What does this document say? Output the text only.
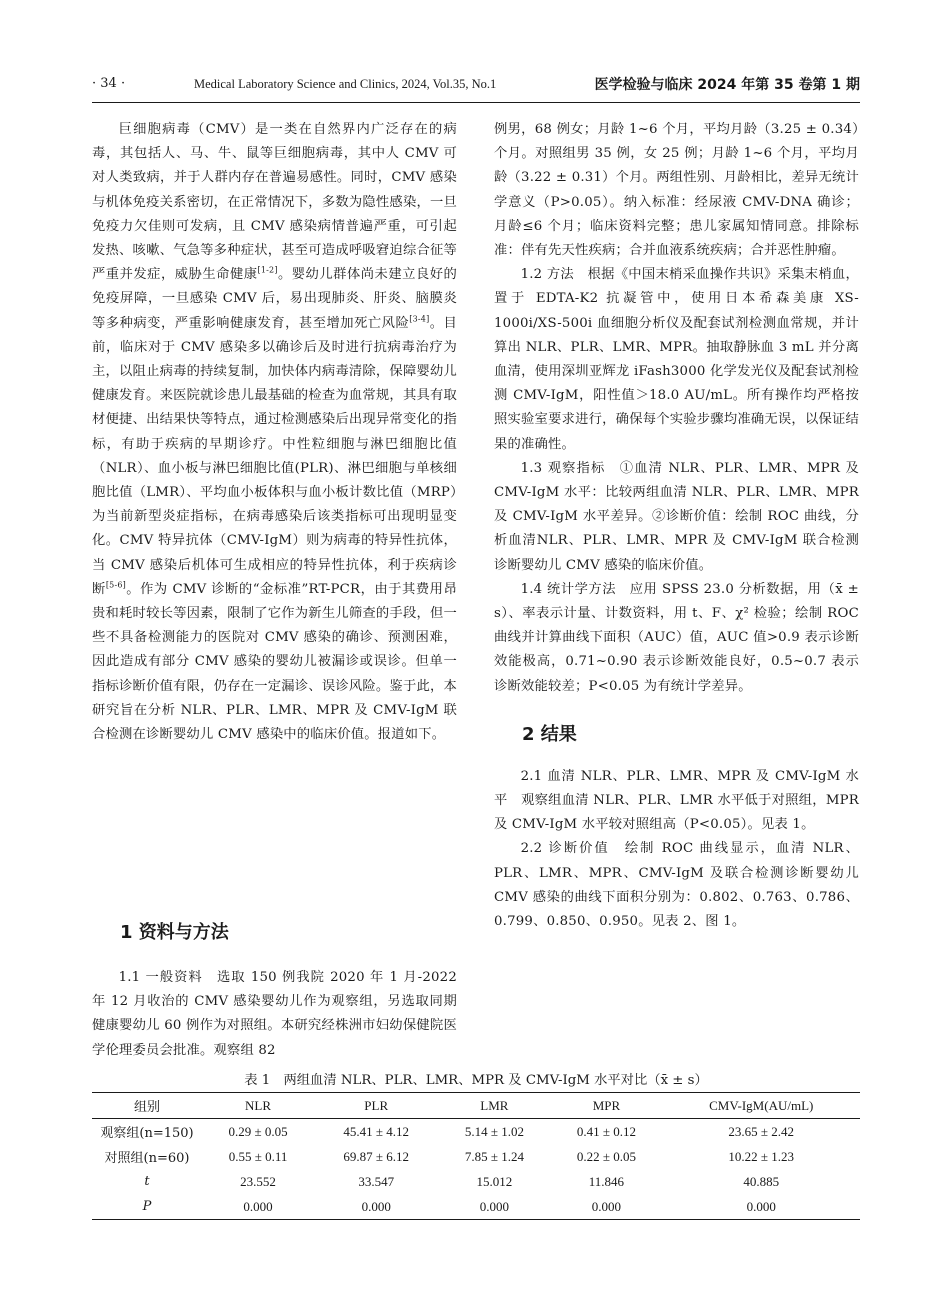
· 34 ·	Medical Laboratory Science and Clinics, 2024, Vol.35, No.1	医学检验与临床 2024 年第 35 卷第 1 期

巨细胞病毒（CMV）是一类在自然界内广泛存在的病毒，其包括人、马、牛、鼠等巨细胞病毒，其中人 CMV 可对人类致病，并于人群内存在普遍易感性。同时，CMV 感染与机体免疫关系密切，在正常情况下，多数为隐性感染，一旦免疫力欠佳则可发病，且 CMV 感染病情普遍严重，可引起发热、咳嗽、气急等多种症状，甚至可造成呼吸窘迫综合征等严重并发症，威胁生命健康[1-2]。婴幼儿群体尚未建立良好的免疫屏障，一旦感染 CMV 后，易出现肺炎、肝炎、脑膜炎等多种病变，严重影响健康发育，甚至增加死亡风险[3-4]。目前，临床对于 CMV 感染多以确诊后及时进行抗病毒治疗为主，以阻止病毒的持续复制，加快体内病毒清除，保障婴幼儿健康发育。来医院就诊患儿最基础的检查为血常规，其具有取材便捷、出结果快等特点，通过检测感染后出现异常变化的指标，有助于疾病的早期诊疗。中性粒细胞与淋巴细胞比值（NLR）、血小板与淋巴细胞比值(PLR)、淋巴细胞与单核细胞比值（LMR）、平均血小板体积与血小板计数比值（MRP）为当前新型炎症指标，在病毒感染后该类指标可出现明显变化。CMV 特异抗体（CMV-IgM）则为病毒的特异性抗体，当 CMV 感染后机体可生成相应的特异性抗体，利于疾病诊断[5-6]。作为 CMV 诊断的“金标准”RT-PCR，由于其费用昂贵和耗时较长等因素，限制了它作为新生儿筛查的手段，但一些不具备检测能力的医院对 CMV 感染的确诊、预测困难，因此造成有部分 CMV 感染的婴幼儿被漏诊或误诊。但单一指标诊断价值有限，仍存在一定漏诊、误诊风险。鉴于此，本研究旨在分析 NLR、PLR、LMR、MPR 及 CMV-IgM 联合检测在诊断婴幼儿 CMV 感染中的临床价值。报道如下。

1 资料与方法

1.1 一般资料　选取 150 例我院 2020 年 1 月-2022 年 12 月收治的 CMV 感染婴幼儿作为观察组，另选取同期健康婴幼儿 60 例作为对照组。本研究经株洲市妇幼保健院医学伦理委员会批准。观察组 82

例男，68 例女；月龄 1~6 个月，平均月龄（3.25 ± 0.34）个月。对照组男 35 例，女 25 例；月龄 1~6 个月，平均月龄（3.22 ± 0.31）个月。两组性别、月龄相比，差异无统计学意义（P>0.05）。纳入标准：经尿液 CMV-DNA 确诊；月龄≤6 个月；临床资料完整；患儿家属知情同意。排除标准：伴有先天性疾病；合并血液系统疾病；合并恶性肿瘤。

1.2 方法　根据《中国末梢采血操作共识》采集末梢血，置于 EDTA-K2 抗凝管中，使用日本希森美康 XS-1000i/XS-500i 血细胞分析仪及配套试剂检测血常规，并计算出 NLR、PLR、LMR、MPR。抽取静脉血 3 mL 并分离血清，使用深圳亚辉龙 iFash3000 化学发光仪及配套试剂检测 CMV-IgM，阳性值＞18.0 AU/mL。所有操作均严格按照实验室要求进行，确保每个实验步骤均准确无误，以保证结果的准确性。

1.3 观察指标　①血清 NLR、PLR、LMR、MPR 及 CMV-IgM 水平：比较两组血清 NLR、PLR、LMR、MPR 及 CMV-IgM 水平差异。②诊断价值：绘制 ROC 曲线，分析血清NLR、PLR、LMR、MPR 及 CMV-IgM 联合检测诊断婴幼儿 CMV 感染的临床价值。

1.4 统计学方法　应用 SPSS 23.0 分析数据，用（x̄ ± s）、率表示计量、计数资料，用 t、F、χ² 检验；绘制 ROC 曲线并计算曲线下面积（AUC）值，AUC 值>0.9 表示诊断效能极高，0.71~0.90 表示诊断效能良好，0.5~0.7 表示诊断效能较差；P<0.05 为有统计学差异。

2 结果

2.1 血清 NLR、PLR、LMR、MPR 及 CMV-IgM 水平　观察组血清 NLR、PLR、LMR 水平低于对照组，MPR 及 CMV-IgM 水平较对照组高（P<0.05）。见表 1。

2.2 诊断价值　绘制 ROC 曲线显示，血清 NLR、PLR、LMR、MPR、CMV-IgM 及联合检测诊断婴幼儿 CMV 感染的曲线下面积分别为：0.802、0.763、0.786、0.799、0.850、0.950。见表 2、图 1。

表 1　两组血清 NLR、PLR、LMR、MPR 及 CMV-IgM 水平对比（x̄ ± s）
组别	NLR	PLR	LMR	MPR	CMV-IgM(AU/mL)
观察组(n=150)	0.29 ± 0.05	45.41 ± 4.12	5.14 ± 1.02	0.41 ± 0.12	23.65 ± 2.42
对照组(n=60)	0.55 ± 0.11	69.87 ± 6.12	7.85 ± 1.24	0.22 ± 0.05	10.22 ± 1.23
t	23.552	33.547	15.012	11.846	40.885
P	0.000	0.000	0.000	0.000	0.000
